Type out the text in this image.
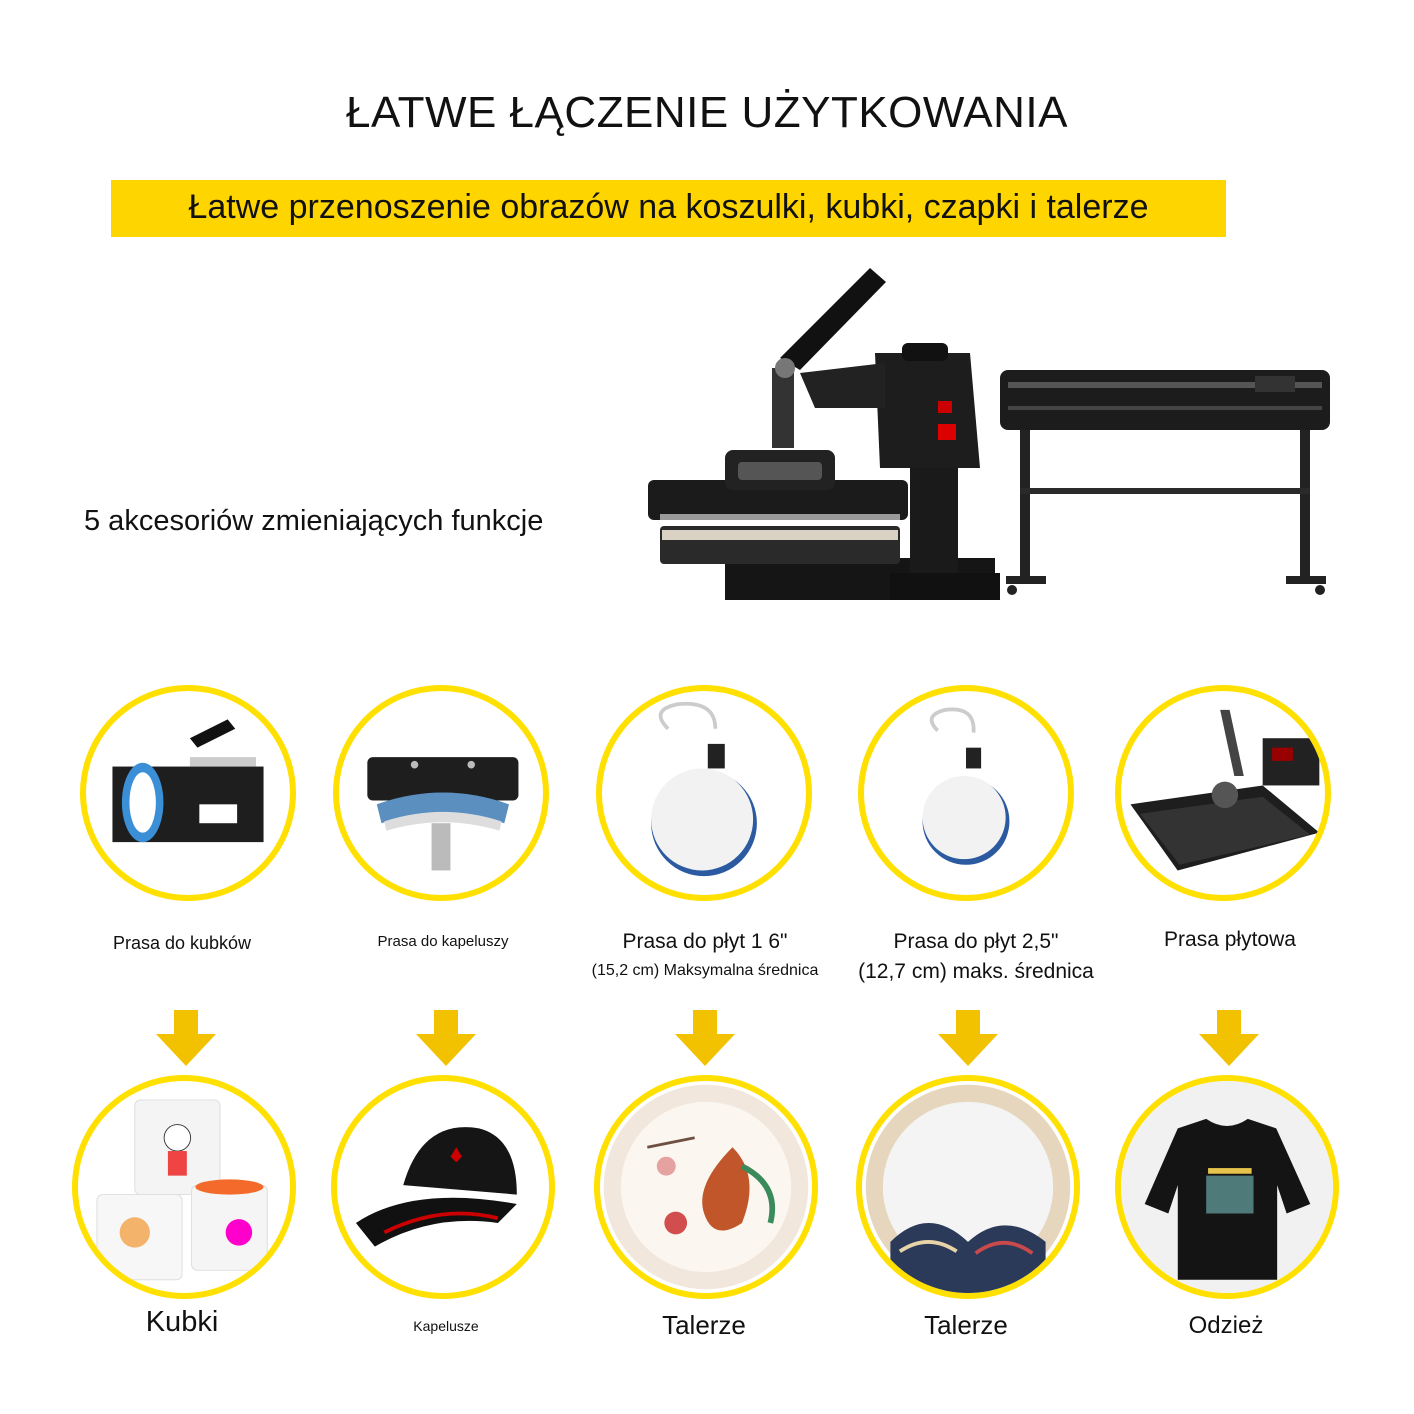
ŁATWE ŁĄCZENIE UŻYTKOWANIA
Łatwe przenoszenie obrazów na koszulki, kubki, czapki i talerze
5 akcesoriów zmieniających funkcje
Prasa do kubków	Prasa do kapeluszy	Prasa do płyt 1 6"
(15,2 cm) Maksymalna średnica
Prasa do płyt 2,5"
(12,7 cm) maks. średnica
Prasa płytowa
Kubki	Kapelusze	Talerze	Talerze	Odzież
